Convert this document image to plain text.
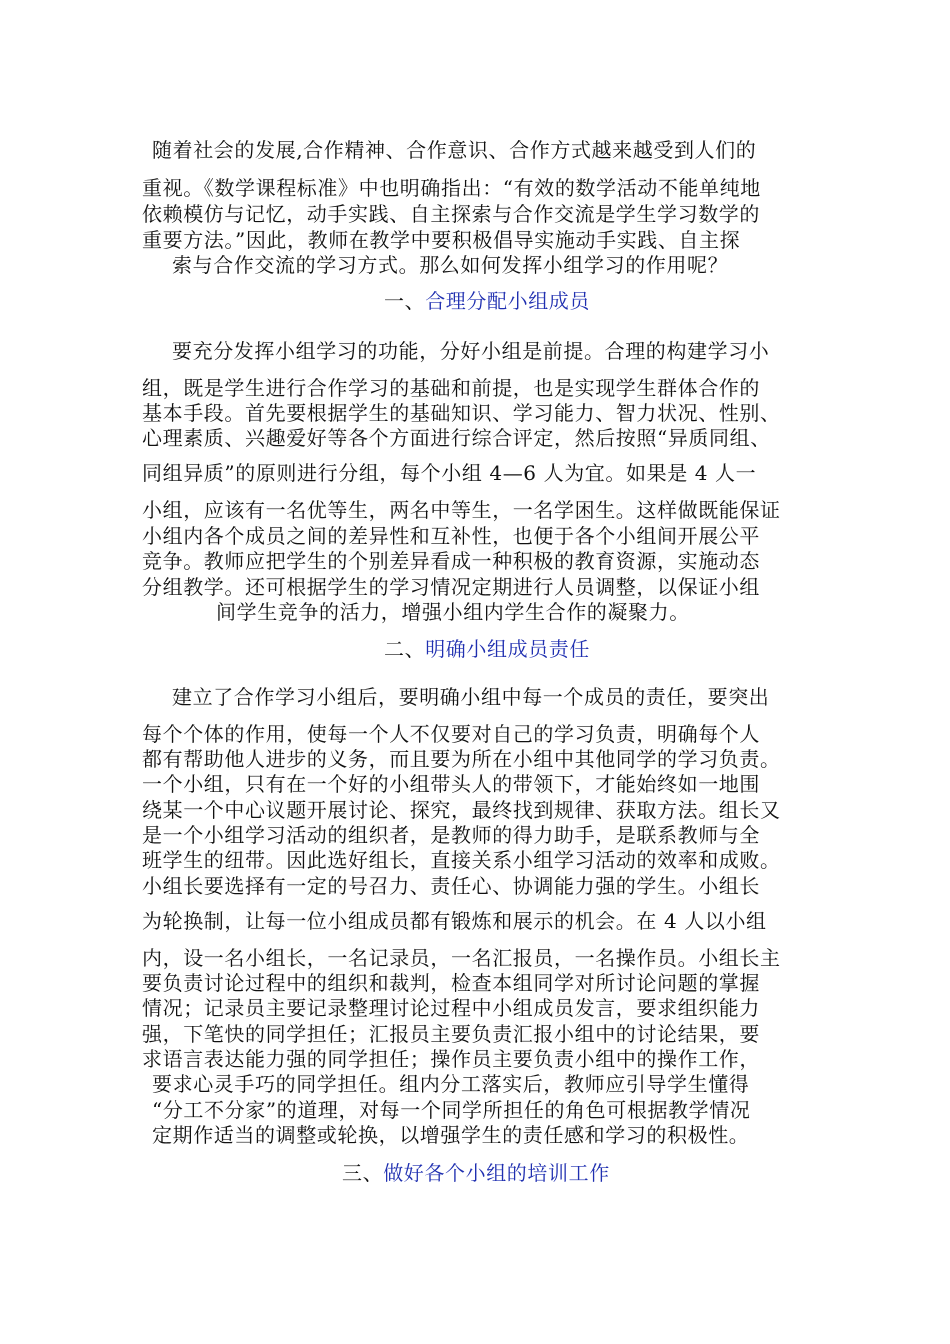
随着社会的发展,合作精神、合作意识、合作方式越来越受到人们的
重视。《数学课程标准》中也明确指出：“有效的数学活动不能单纯地
依赖模仿与记忆，动手实践、自主探索与合作交流是学生学习数学的
重要方法。”因此，教师在教学中要积极倡导实施动手实践、自主探
索与合作交流的学习方式。那么如何发挥小组学习的作用呢？
一、合理分配小组成员
要充分发挥小组学习的功能，分好小组是前提。合理的构建学习小
组，既是学生进行合作学习的基础和前提，也是实现学生群体合作的
基本手段。首先要根据学生的基础知识、学习能力、智力状况、性别、
心理素质、兴趣爱好等各个方面进行综合评定，然后按照“异质同组、
同组异质”的原则进行分组，每个小组 4—6 人为宜。如果是 4 人一
小组，应该有一名优等生，两名中等生，一名学困生。这样做既能保证
小组内各个成员之间的差异性和互补性，也便于各个小组间开展公平
竞争。教师应把学生的个别差异看成一种积极的教育资源，实施动态
分组教学。还可根据学生的学习情况定期进行人员调整，以保证小组
间学生竞争的活力，增强小组内学生合作的凝聚力。
二、明确小组成员责任
建立了合作学习小组后，要明确小组中每一个成员的责任，要突出
每个个体的作用，使每一个人不仅要对自己的学习负责，明确每个人
都有帮助他人进步的义务，而且要为所在小组中其他同学的学习负责。
一个小组，只有在一个好的小组带头人的带领下，才能始终如一地围
绕某一个中心议题开展讨论、探究，最终找到规律、获取方法。组长又
是一个小组学习活动的组织者，是教师的得力助手，是联系教师与全
班学生的纽带。因此选好组长，直接关系小组学习活动的效率和成败。
小组长要选择有一定的号召力、责任心、协调能力强的学生。小组长
为轮换制，让每一位小组成员都有锻炼和展示的机会。在 4 人以小组
内，设一名小组长，一名记录员，一名汇报员，一名操作员。小组长主
要负责讨论过程中的组织和裁判，检查本组同学对所讨论问题的掌握
情况；记录员主要记录整理讨论过程中小组成员发言，要求组织能力
强，下笔快的同学担任；汇报员主要负责汇报小组中的讨论结果，要
求语言表达能力强的同学担任；操作员主要负责小组中的操作工作，
要求心灵手巧的同学担任。组内分工落实后，教师应引导学生懂得
“分工不分家”的道理，对每一个同学所担任的角色可根据教学情况
定期作适当的调整或轮换，以增强学生的责任感和学习的积极性。
三、做好各个小组的培训工作
